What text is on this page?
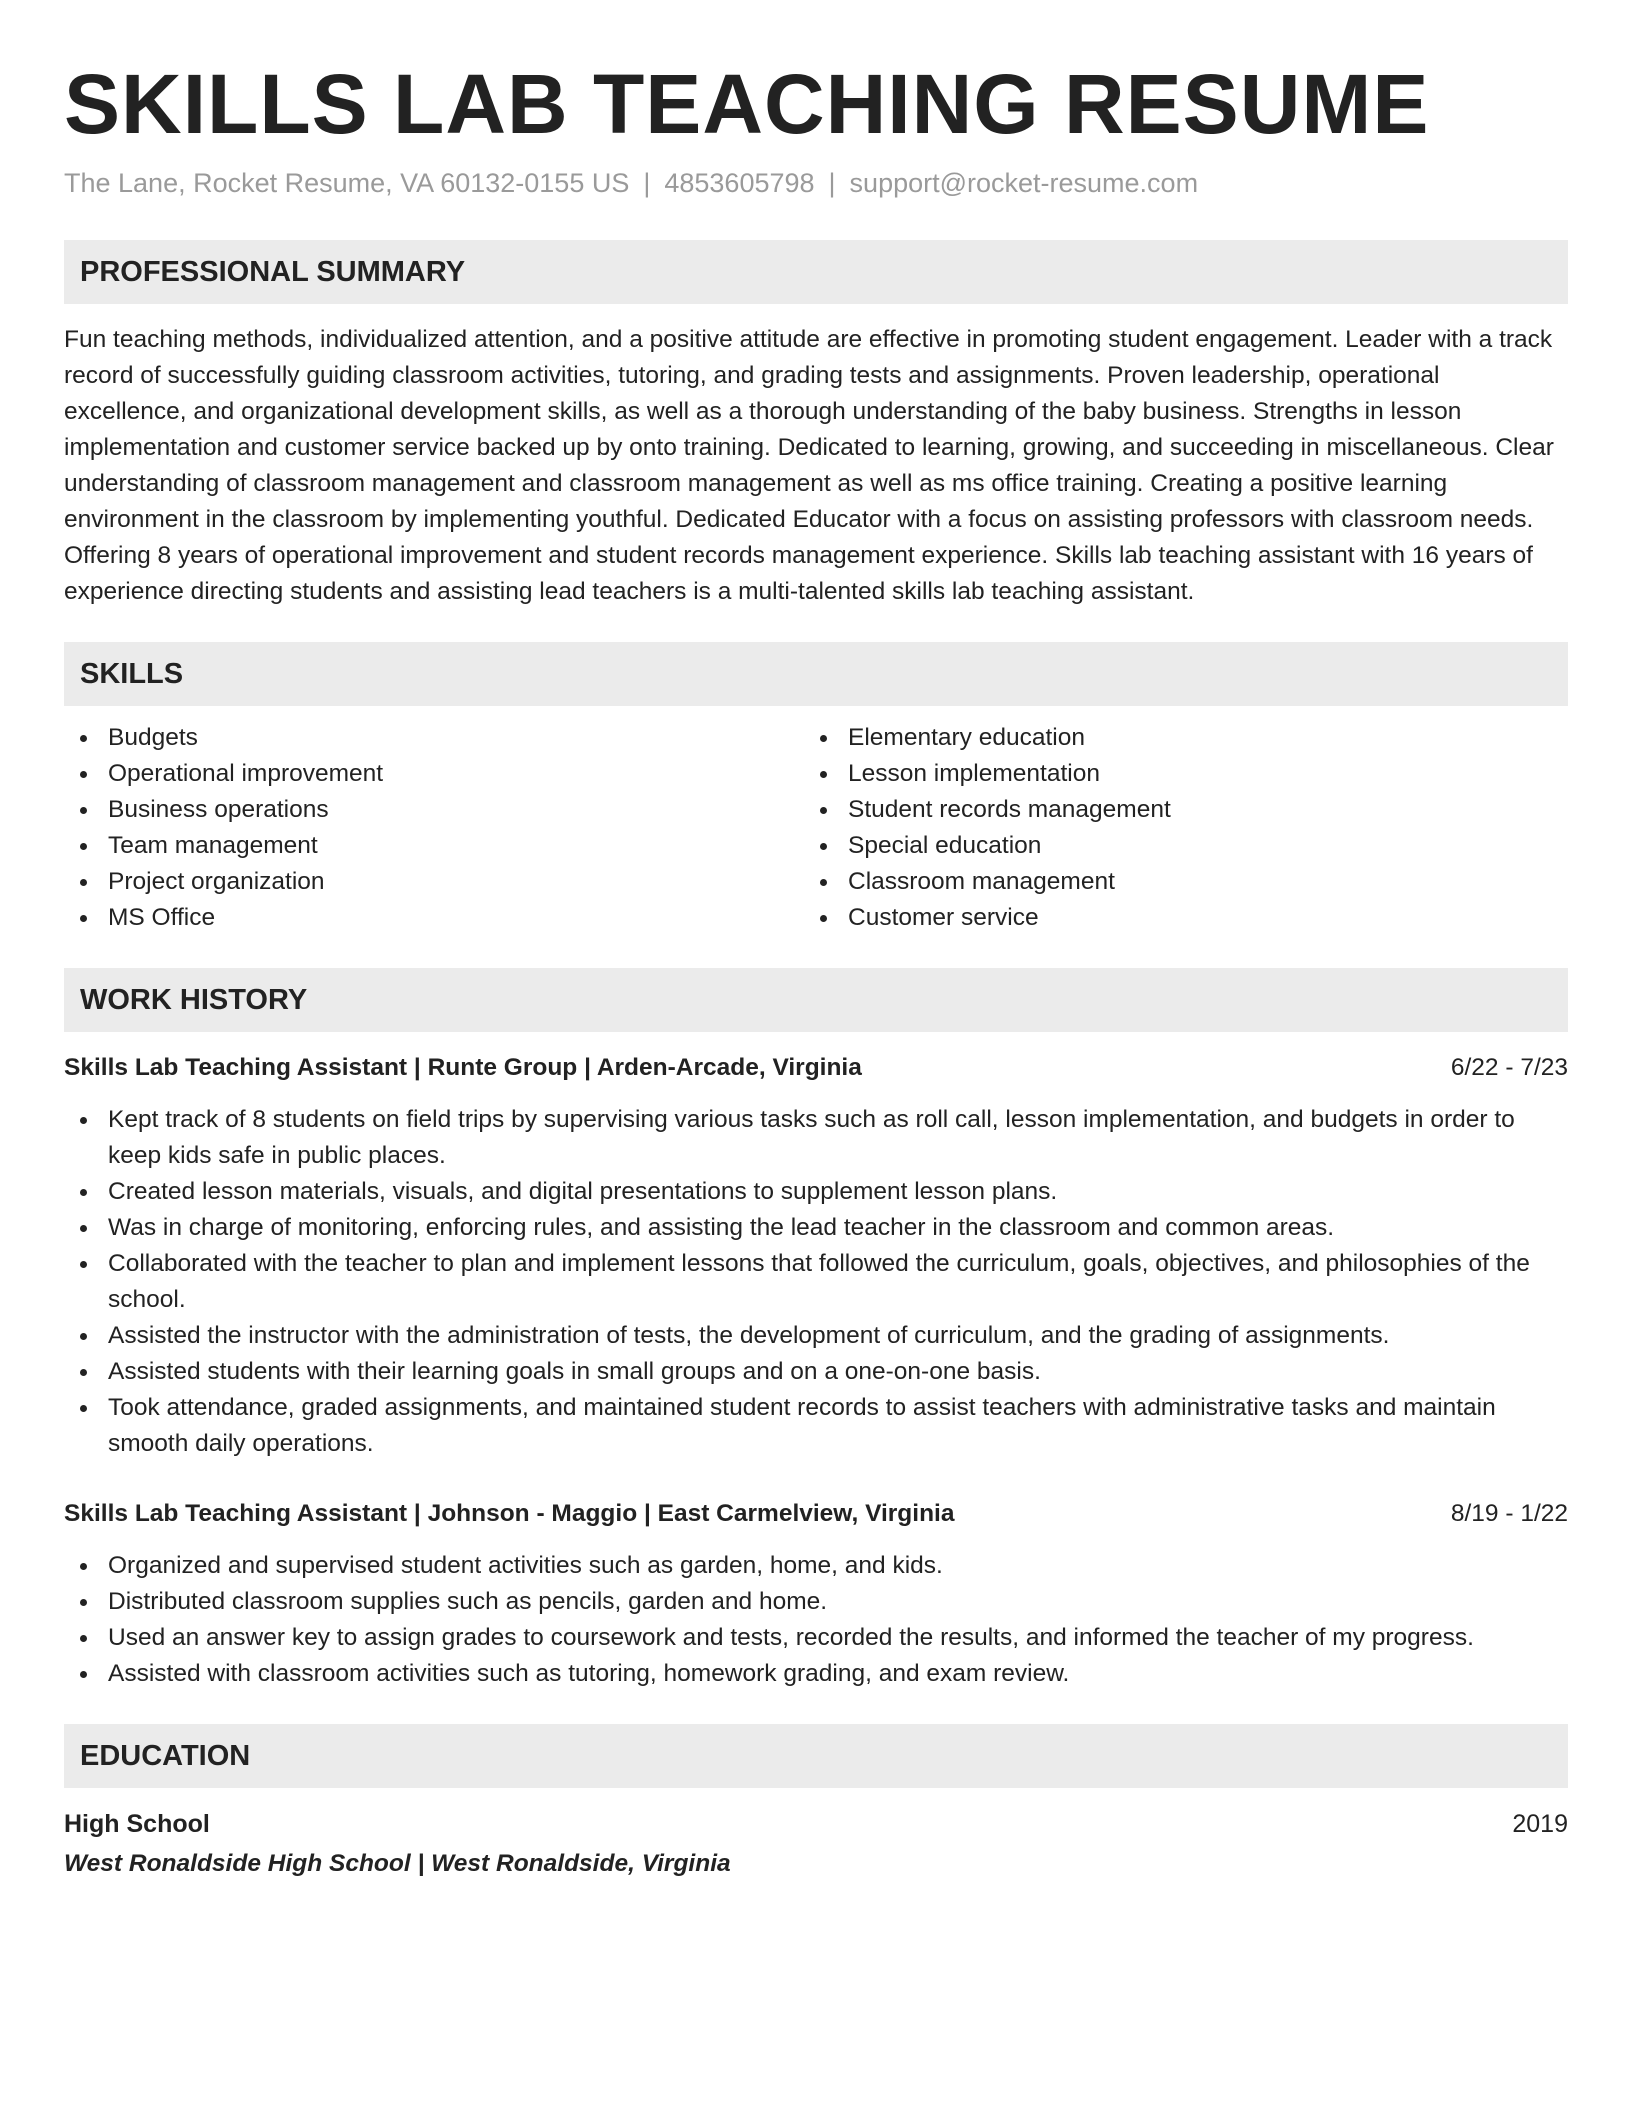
SKILLS LAB TEACHING RESUME
The Lane, Rocket Resume, VA 60132-0155 US | 4853605798 | support@rocket-resume.com
PROFESSIONAL SUMMARY
Fun teaching methods, individualized attention, and a positive attitude are effective in promoting student engagement. Leader with a track record of successfully guiding classroom activities, tutoring, and grading tests and assignments. Proven leadership, operational excellence, and organizational development skills, as well as a thorough understanding of the baby business. Strengths in lesson implementation and customer service backed up by onto training. Dedicated to learning, growing, and succeeding in miscellaneous. Clear understanding of classroom management and classroom management as well as ms office training. Creating a positive learning environment in the classroom by implementing youthful. Dedicated Educator with a focus on assisting professors with classroom needs. Offering 8 years of operational improvement and student records management experience. Skills lab teaching assistant with 16 years of experience directing students and assisting lead teachers is a multi-talented skills lab teaching assistant.
SKILLS
Budgets
Operational improvement
Business operations
Team management
Project organization
MS Office
Elementary education
Lesson implementation
Student records management
Special education
Classroom management
Customer service
WORK HISTORY
Skills Lab Teaching Assistant | Runte Group | Arden-Arcade, Virginia	6/22 - 7/23
Kept track of 8 students on field trips by supervising various tasks such as roll call, lesson implementation, and budgets in order to keep kids safe in public places.
Created lesson materials, visuals, and digital presentations to supplement lesson plans.
Was in charge of monitoring, enforcing rules, and assisting the lead teacher in the classroom and common areas.
Collaborated with the teacher to plan and implement lessons that followed the curriculum, goals, objectives, and philosophies of the school.
Assisted the instructor with the administration of tests, the development of curriculum, and the grading of assignments.
Assisted students with their learning goals in small groups and on a one-on-one basis.
Took attendance, graded assignments, and maintained student records to assist teachers with administrative tasks and maintain smooth daily operations.
Skills Lab Teaching Assistant | Johnson - Maggio | East Carmelview, Virginia	8/19 - 1/22
Organized and supervised student activities such as garden, home, and kids.
Distributed classroom supplies such as pencils, garden and home.
Used an answer key to assign grades to coursework and tests, recorded the results, and informed the teacher of my progress.
Assisted with classroom activities such as tutoring, homework grading, and exam review.
EDUCATION
High School	2019
West Ronaldside High School | West Ronaldside, Virginia
